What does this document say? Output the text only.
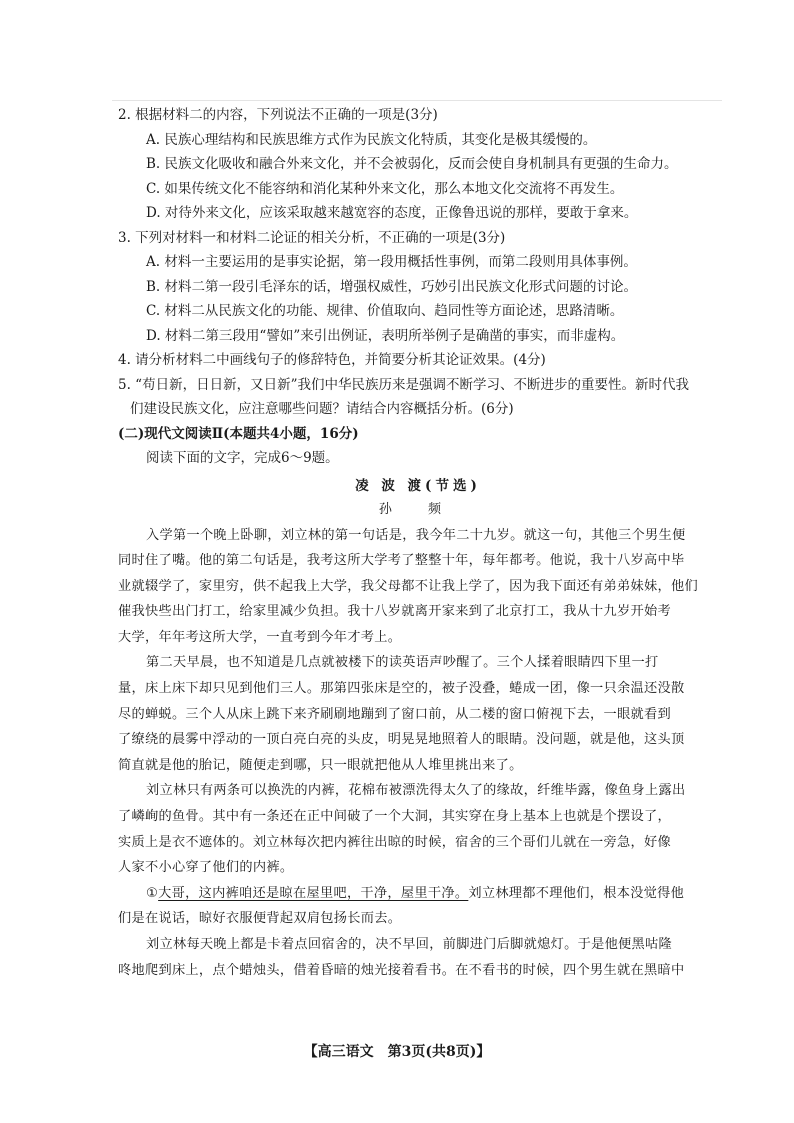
2. 根据材料二的内容，下列说法不正确的一项是(3分)
A. 民族心理结构和民族思维方式作为民族文化特质，其变化是极其缓慢的。
B. 民族文化吸收和融合外来文化，并不会被弱化，反而会使自身机制具有更强的生命力。
C. 如果传统文化不能容纳和消化某种外来文化，那么本地文化交流将不再发生。
D. 对待外来文化，应该采取越来越宽容的态度，正像鲁迅说的那样，要敢于拿来。
3. 下列对材料一和材料二论证的相关分析，不正确的一项是(3分)
A. 材料一主要运用的是事实论据，第一段用概括性事例，而第二段则用具体事例。
B. 材料二第一段引毛泽东的话，增强权威性，巧妙引出民族文化形式问题的讨论。
C. 材料二从民族文化的功能、规律、价值取向、趋同性等方面论述，思路清晰。
D. 材料二第三段用“譬如”来引出例证，表明所举例子是确凿的事实，而非虚构。
4. 请分析材料二中画线句子的修辞特色，并简要分析其论证效果。(4分)
5. “苟日新，日日新，又日新”我们中华民族历来是强调不断学习、不断进步的重要性。新时代我
们建设民族文化，应注意哪些问题？请结合内容概括分析。(6分)
(二)现代文阅读Ⅱ(本题共4小题，16分)
阅读下面的文字，完成6～9题。
凌 波 渡(节选)
孙 频
入学第一个晚上卧聊，刘立林的第一句话是，我今年二十九岁。就这一句，其他三个男生便
同时住了嘴。他的第二句话是，我考这所大学考了整整十年，每年都考。他说，我十八岁高中毕
业就辍学了，家里穷，供不起我上大学，我父母都不让我上学了，因为我下面还有弟弟妹妹，他们
催我快些出门打工，给家里减少负担。我十八岁就离开家来到了北京打工，我从十九岁开始考
大学，年年考这所大学，一直考到今年才考上。
第二天早晨，也不知道是几点就被楼下的读英语声吵醒了。三个人揉着眼睛四下里一打
量，床上床下却只见到他们三人。那第四张床是空的，被子没叠，蜷成一团，像一只余温还没散
尽的蝉蜕。三个人从床上跳下来齐刷刷地蹦到了窗口前，从二楼的窗口俯视下去，一眼就看到
了缭绕的晨雾中浮动的一顶白亮白亮的头皮，明晃晃地照着人的眼睛。没问题，就是他，这头顶
简直就是他的胎记，随便走到哪，只一眼就把他从人堆里挑出来了。
刘立林只有两条可以换洗的内裤，花棉布被漂洗得太久了的缘故，纤维毕露，像鱼身上露出
了嶙峋的鱼骨。其中有一条还在正中间破了一个大洞，其实穿在身上基本上也就是个摆设了，
实质上是衣不遮体的。刘立林每次把内裤往出晾的时候，宿舍的三个哥们儿就在一旁急，好像
人家不小心穿了他们的内裤。
①大哥，这内裤咱还是晾在屋里吧，干净，屋里干净。刘立林理都不理他们，根本没觉得他
们是在说话，晾好衣服便背起双肩包扬长而去。
刘立林每天晚上都是卡着点回宿舍的，决不早回，前脚进门后脚就熄灯。于是他便黑咕隆
咚地爬到床上，点个蜡烛头，借着昏暗的烛光接着看书。在不看书的时候，四个男生就在黑暗中
【高三语文　第3页(共8页)】
